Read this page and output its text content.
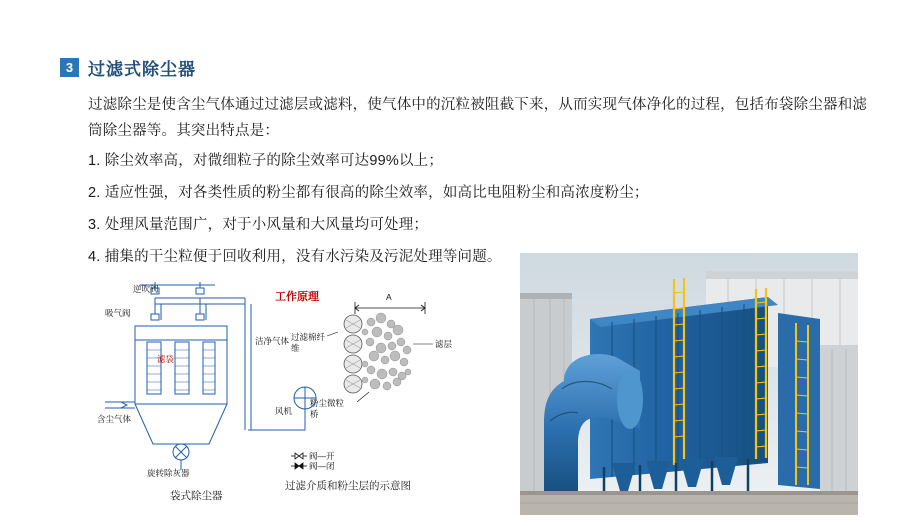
3 过滤式除尘器
过滤除尘是使含尘气体通过过滤层或滤料，使气体中的沉粒被阻截下来，从而实现气体净化的过程，包括布袋除尘器和滤筒除尘器等。其突出特点是：
1. 除尘效率高，对微细粒子的除尘效率可达99%以上；
2. 适应性强，对各类性质的粉尘都有很高的除尘效率，如高比电阻粉尘和高浓度粉尘；
3. 处理风量范围广，对于小风量和大风量均可处理；
4. 捕集的干尘粒便于回收利用，没有水污染及污泥处理等问题。
工作原理
逆吹阀
吸气阀
洁净气体
滤袋
含尘气体
旋转除灰器
风机
A
过滤棉纤维	滤层
粉尘微粒桥
阀—开
阀—闭
袋式除尘器
过滤介质和粉尘层的示意图
